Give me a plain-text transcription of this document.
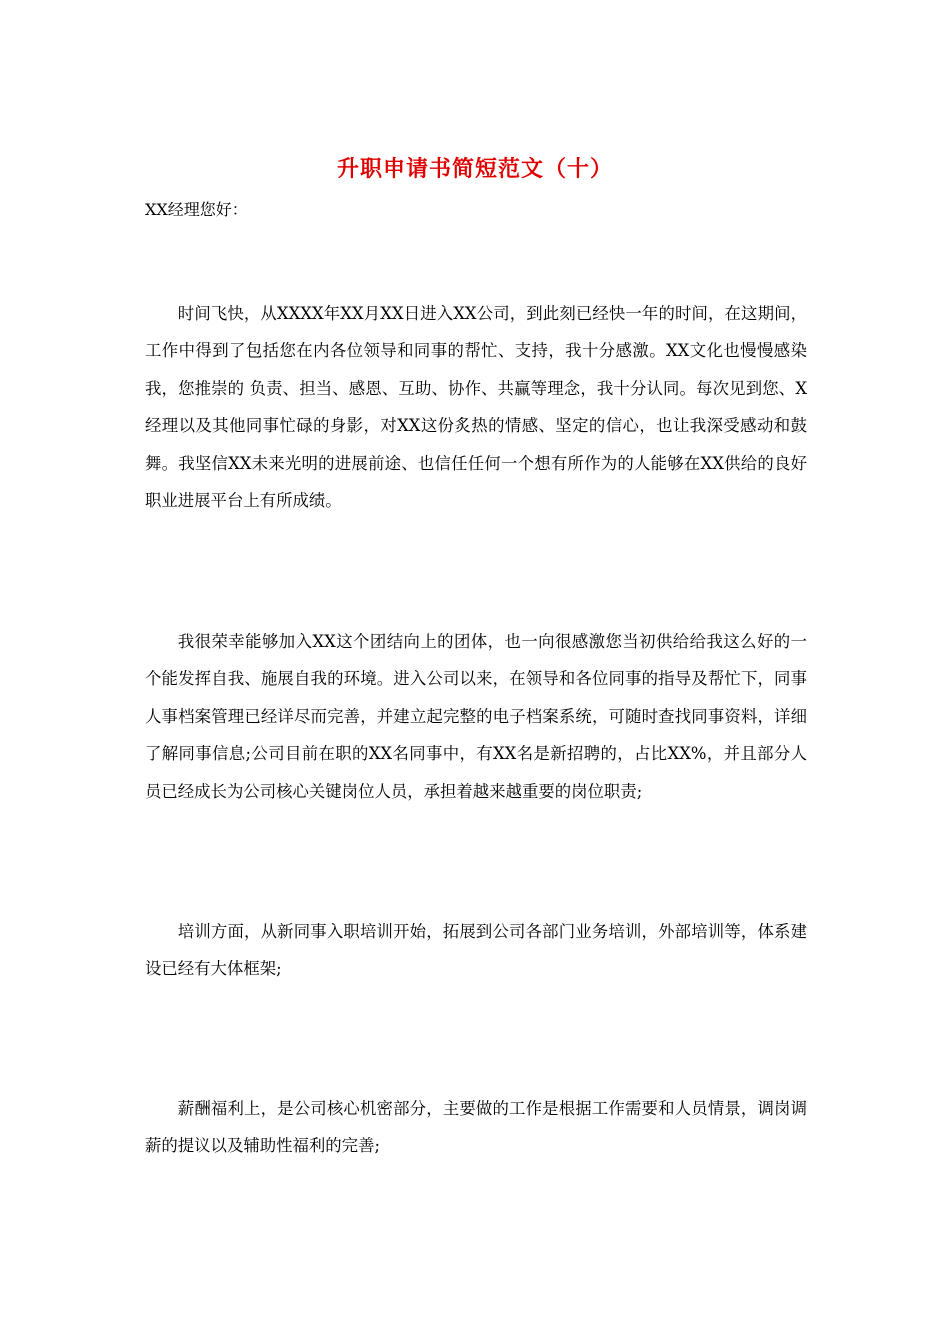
升职申请书简短范文（十）

XX经理您好：

时间飞快，从XXXX年XX月XX日进入XX公司，到此刻已经快一年的时间，在这期间，工作中得到了包括您在内各位领导和同事的帮忙、支持，我十分感激。XX文化也慢慢感染我，您推崇的 负责、担当、感恩、互助、协作、共赢等理念，我十分认同。每次见到您、X经理以及其他同事忙碌的身影，对XX这份炙热的情感、坚定的信心，也让我深受感动和鼓舞。我坚信XX未来光明的进展前途、也信任任何一个想有所作为的人能够在XX供给的良好职业进展平台上有所成绩。

我很荣幸能够加入XX这个团结向上的团体，也一向很感激您当初供给给我这么好的一个能发挥自我、施展自我的环境。进入公司以来，在领导和各位同事的指导及帮忙下，同事人事档案管理已经详尽而完善，并建立起完整的电子档案系统，可随时查找同事资料，详细了解同事信息;公司目前在职的XX名同事中，有XX名是新招聘的，占比XX%，并且部分人员已经成长为公司核心关键岗位人员，承担着越来越重要的岗位职责;

培训方面，从新同事入职培训开始，拓展到公司各部门业务培训，外部培训等，体系建设已经有大体框架;

薪酬福利上，是公司核心机密部分，主要做的工作是根据工作需要和人员情景，调岗调薪的提议以及辅助性福利的完善;
